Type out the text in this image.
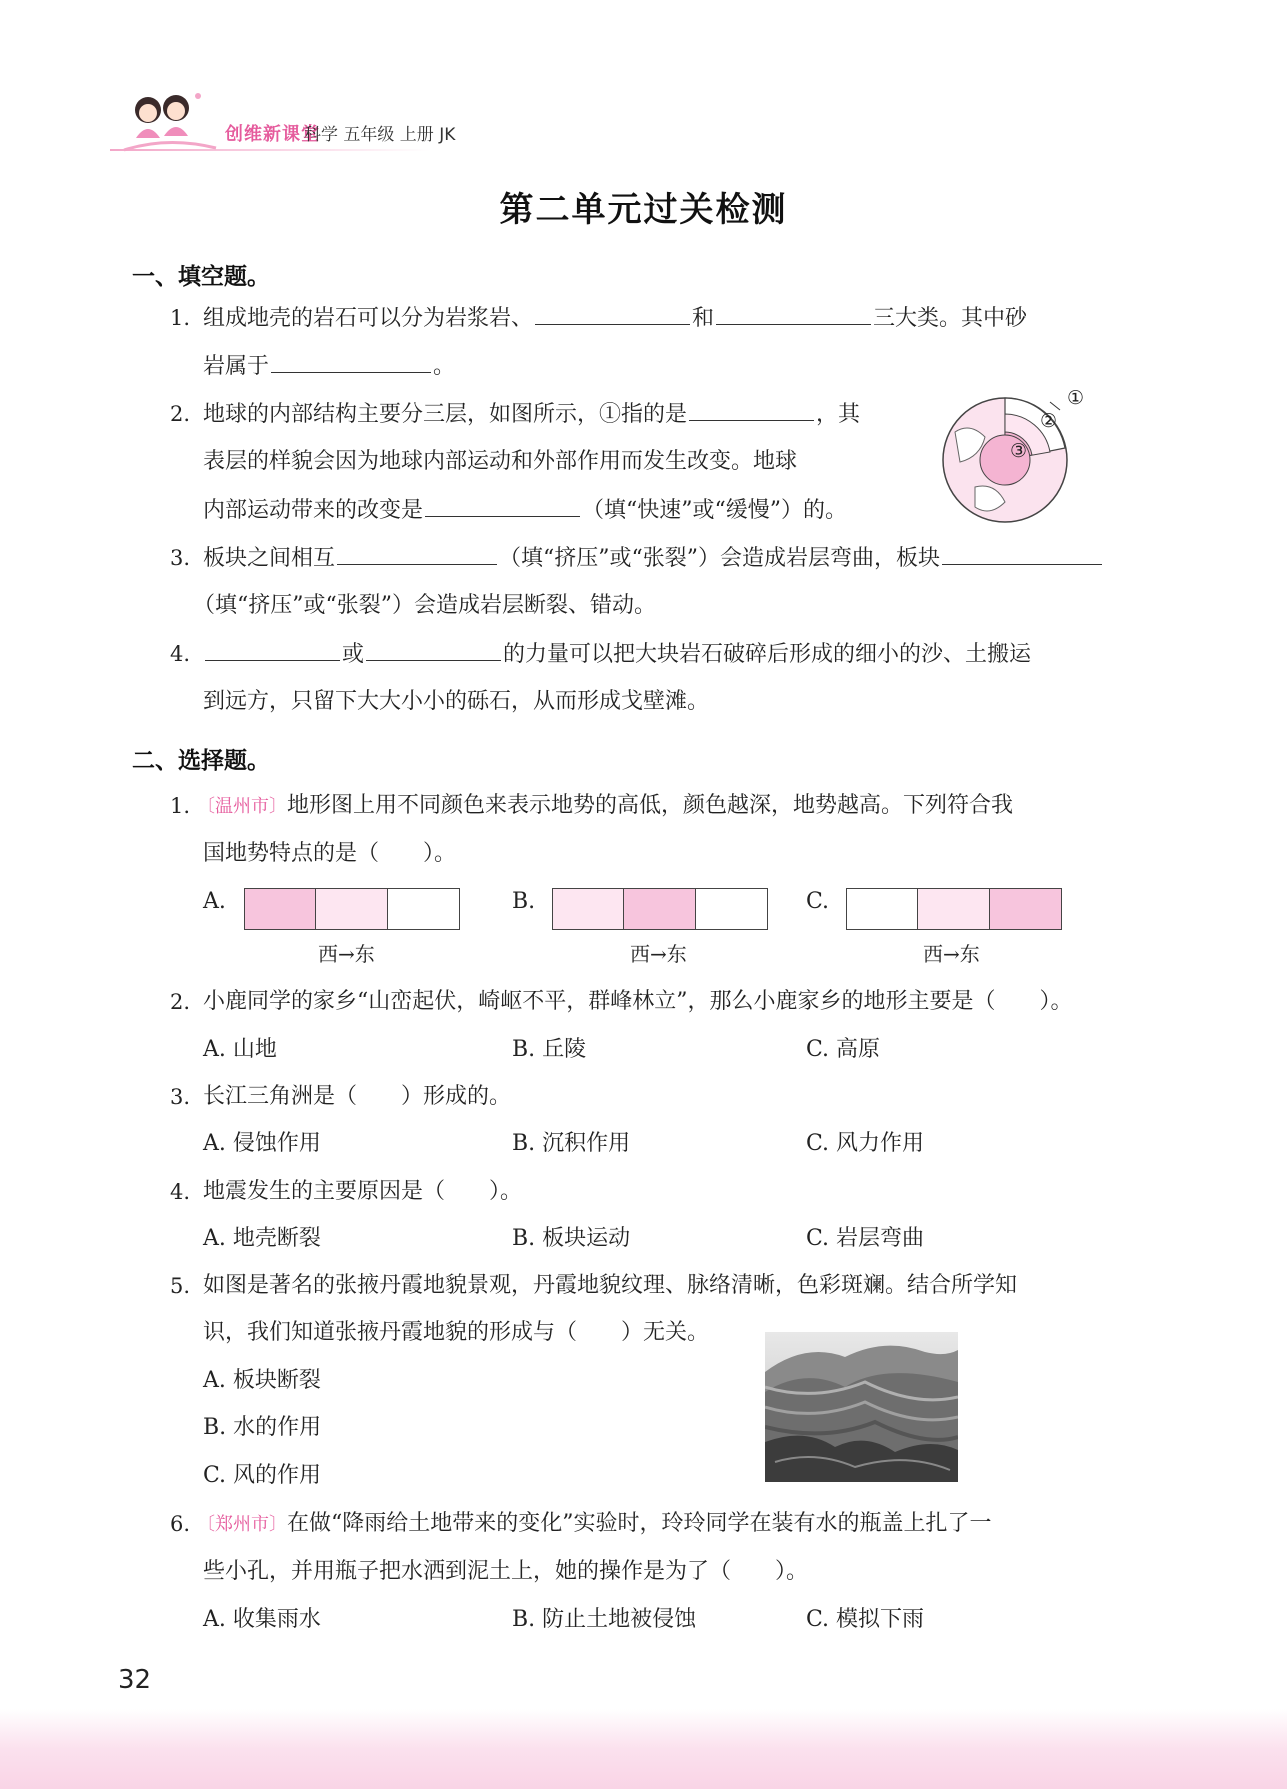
创维新课堂
科学 五年级 上册 JK
第二单元过关检测
一、填空题。
1. 组成地壳的岩石可以分为岩浆岩、	和	三大类。其中砂
岩属于	。
2. 地球的内部结构主要分三层，如图所示，①指的是	，其
表层的样貌会因为地球内部运动和外部作用而发生改变。地球
内部运动带来的改变是	（填“快速”或“缓慢”）的。
①
②
③
3. 板块之间相互	（填“挤压”或“张裂”）会造成岩层弯曲，板块
（填“挤压”或“张裂”）会造成岩层断裂、错动。
4.	或	的力量可以把大块岩石破碎后形成的细小的沙、土搬运
到远方，只留下大大小小的砾石，从而形成戈壁滩。
二、选择题。
1. 〔温州市〕地形图上用不同颜色来表示地势的高低，颜色越深，地势越高。下列符合我
国地势特点的是（　　）。
A.
西→东
B.
西→东
C.
西→东
2. 小鹿同学的家乡“山峦起伏，崎岖不平，群峰林立”，那么小鹿家乡的地形主要是（　　）。
A. 山地	B. 丘陵	C. 高原
3. 长江三角洲是（　　）形成的。
A. 侵蚀作用	B. 沉积作用	C. 风力作用
4. 地震发生的主要原因是（　　）。
A. 地壳断裂	B. 板块运动	C. 岩层弯曲
5. 如图是著名的张掖丹霞地貌景观，丹霞地貌纹理、脉络清晰，色彩斑斓。结合所学知
识，我们知道张掖丹霞地貌的形成与（　　）无关。
A. 板块断裂
B. 水的作用
C. 风的作用
6. 〔郑州市〕在做“降雨给土地带来的变化”实验时，玲玲同学在装有水的瓶盖上扎了一
些小孔，并用瓶子把水洒到泥土上，她的操作是为了（　　）。
A. 收集雨水	B. 防止土地被侵蚀	C. 模拟下雨
32
